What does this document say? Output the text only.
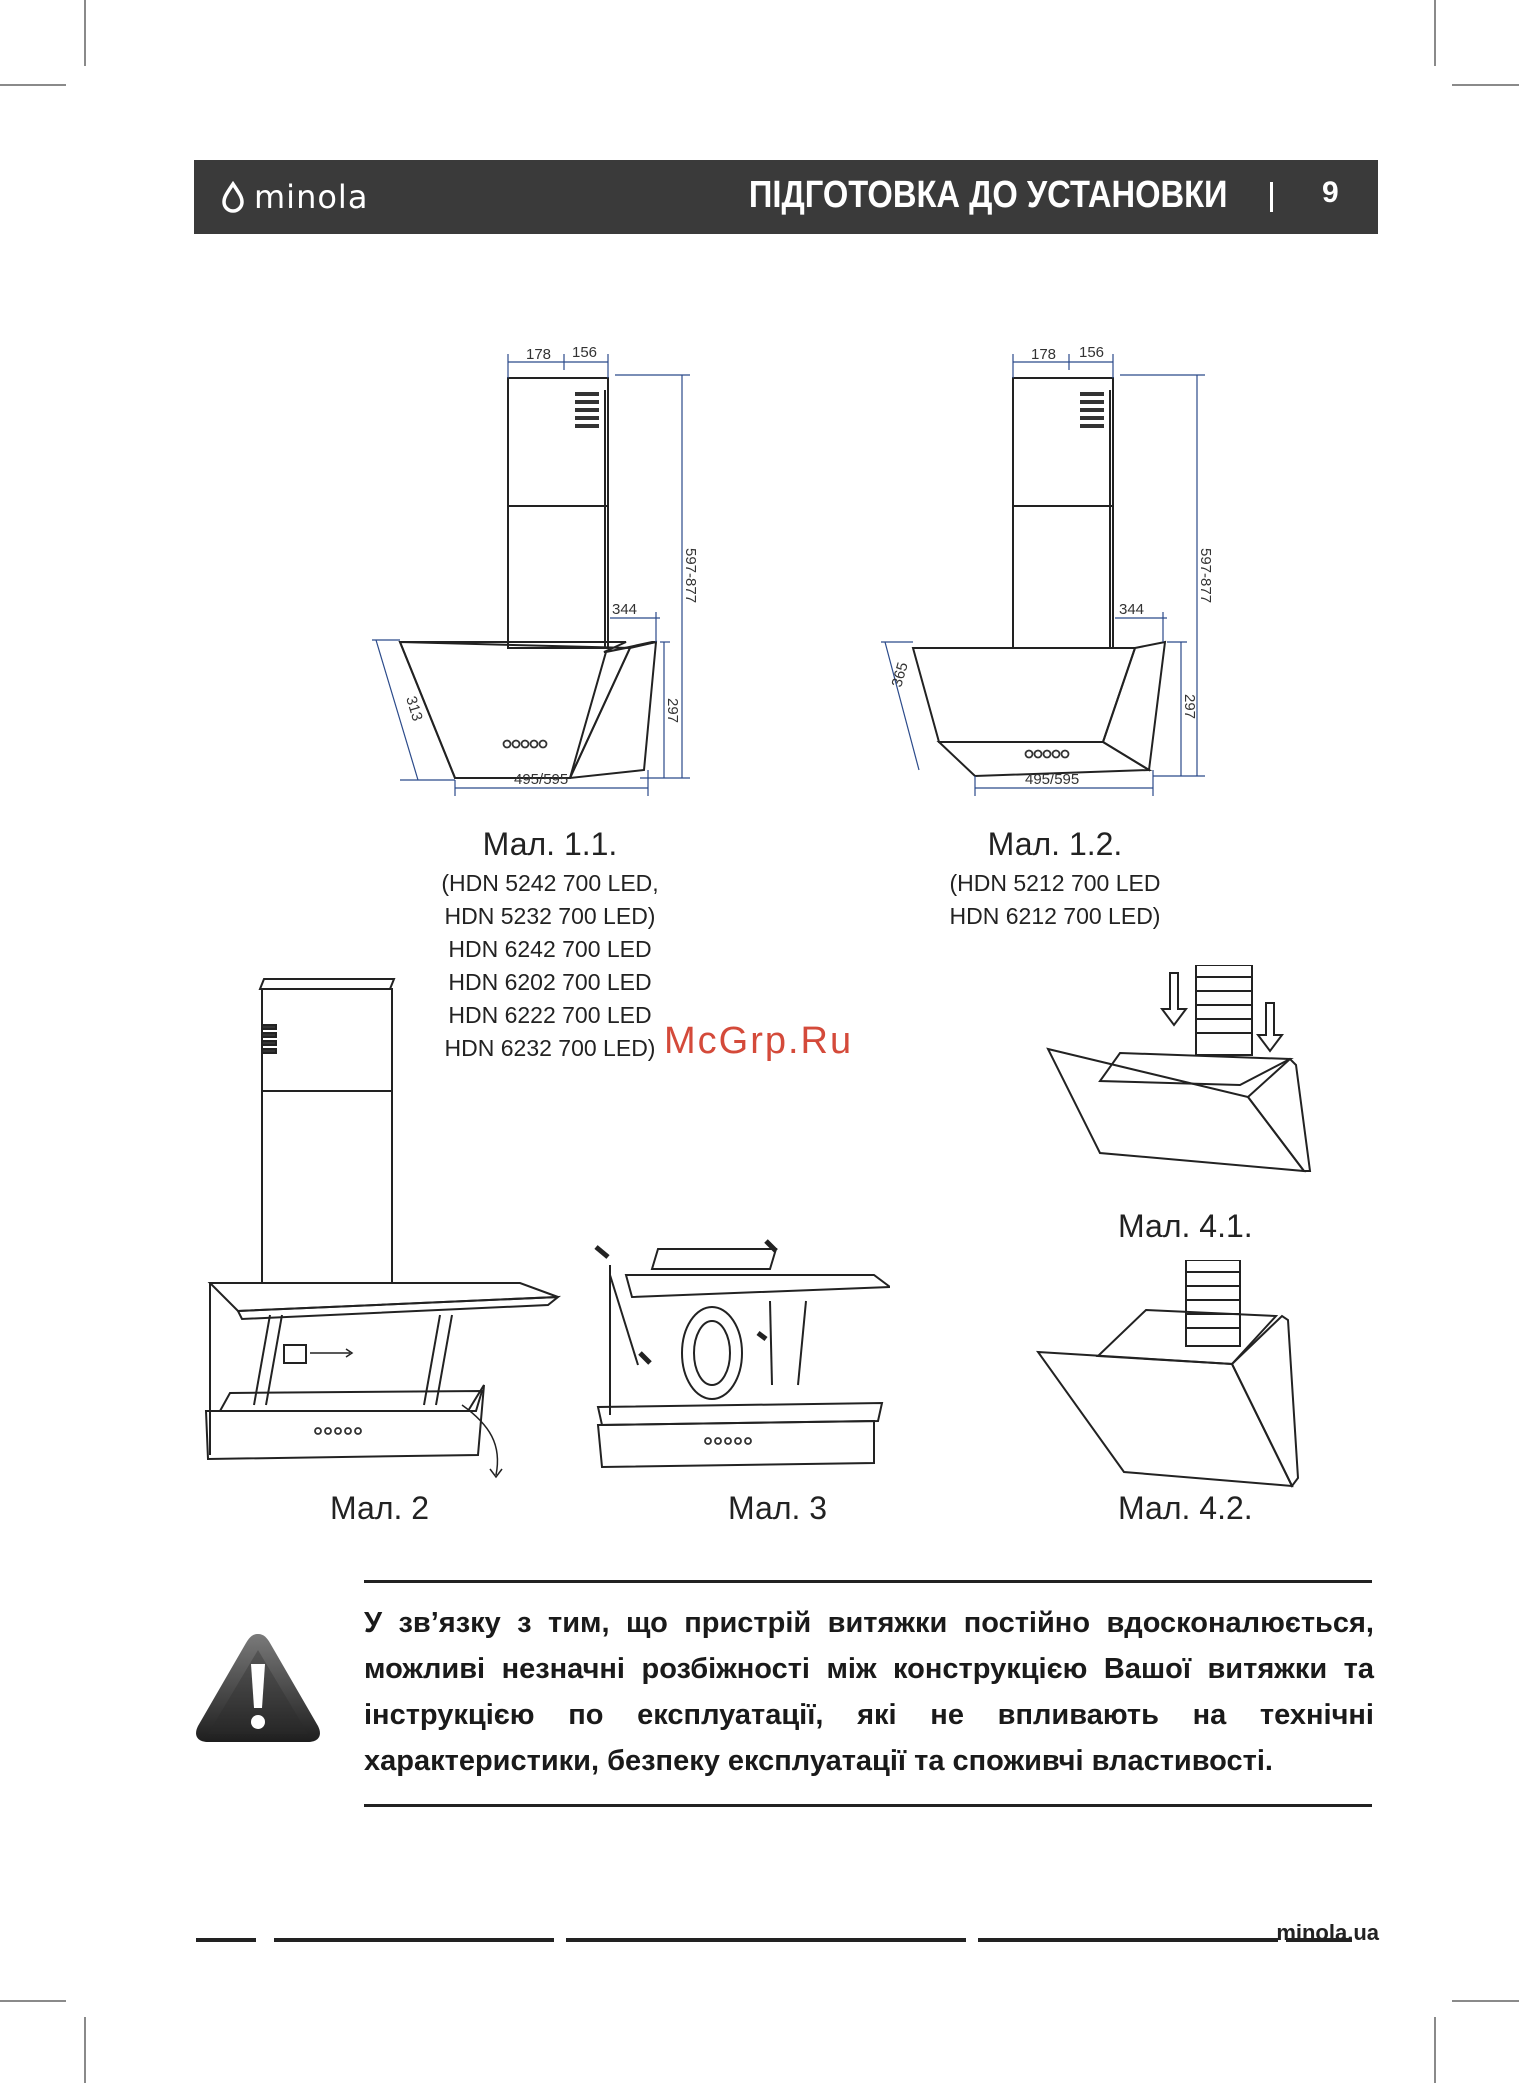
minola	ПІДГОТОВКА ДО УСТАНОВКИ	9
178 156
597-877
344
297
313
495/595
178 156
597-877
344
297
365
495/595
Мал. 1.1.
(HDN 5242 700 LED,
HDN 5232 700 LED)
HDN 6242 700 LED
HDN 6202 700 LED
HDN 6222 700 LED
HDN 6232 700 LED)
Мал. 1.2.
(HDN 5212 700 LED
HDN 6212 700 LED)
McGrp.Ru
Мал. 2	Мал. 3
Мал. 4.1.
Мал. 4.2.
У зв’язку з тим, що пристрій витяжки постійно вдосконалюється, можливі незначні розбіжності між конструкцією Вашої витяжки та інструкцією по експлуатації, які не впливають на технічні характеристики, безпеку експлуатації та споживчі властивості.
minola.ua
